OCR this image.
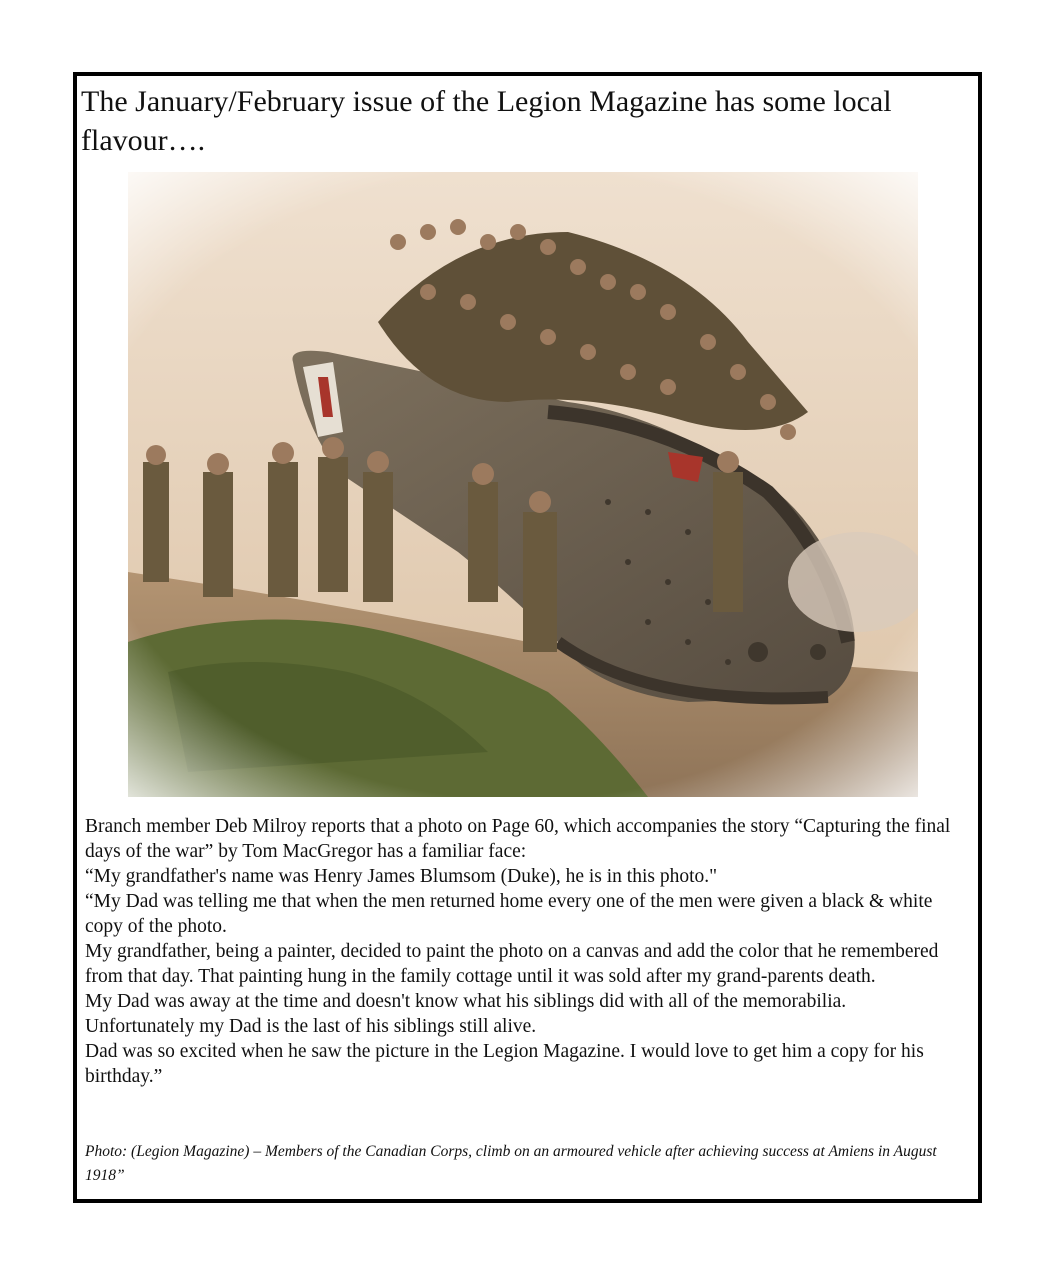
The January/February issue of the Legion Magazine has some local flavour….

Branch member Deb Milroy reports that a photo on Page 60, which accompanies the story “Capturing the final days of the war” by Tom MacGregor has a familiar face:

“My grandfather's name was Henry James Blumsom (Duke), he is in this photo."

“My Dad was telling me that when the men returned home every one of the men were given a black & white copy of the photo.

My grandfather, being a painter, decided to paint the photo on a canvas and add the color that he remembered from that day. That painting hung in the family cottage until it was sold after my grand-parents death.

My Dad was away at the time and doesn't know what his siblings did with all of the memorabilia.

Unfortunately my Dad is the last of his siblings still alive.

Dad was so excited when he saw the picture in the Legion Magazine. I would love to get him a copy for his birthday.”

Photo: (Legion Magazine) – Members of the Canadian Corps, climb on an armoured vehicle after achieving success at Amiens in August 1918”
